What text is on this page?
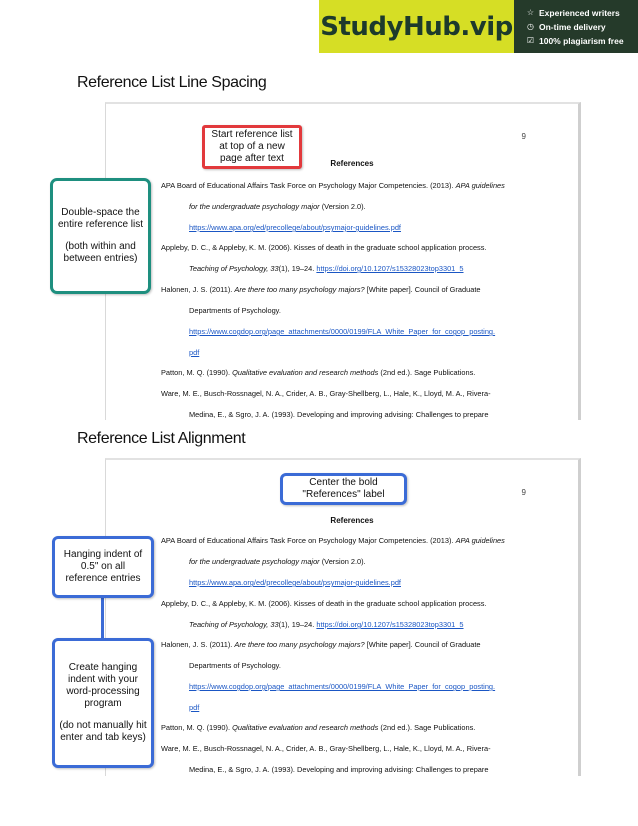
StudyHub.vip ☆ Experienced writers
◷ On-time delivery
☑ 100% plagiarism free
Reference List Line Spacing
9
References
APA Board of Educational Affairs Task Force on Psychology Major Competencies. (2013). APA guidelines
for the undergraduate psychology major (Version 2.0).
https://www.apa.org/ed/precollege/about/psymajor-guidelines.pdf
Appleby, D. C., & Appleby, K. M. (2006). Kisses of death in the graduate school application process.
Teaching of Psychology, 33(1), 19–24. https://doi.org/10.1207/s15328023top3301_5
Halonen, J. S. (2011). Are there too many psychology majors? [White paper]. Council of Graduate
Departments of Psychology.
https://www.cogdop.org/page_attachments/0000/0199/FLA_White_Paper_for_cogop_posting.
pdf
Patton, M. Q. (1990). Qualitative evaluation and research methods (2nd ed.). Sage Publications.
Ware, M. E., Busch-Rossnagel, N. A., Crider, A. B., Gray-Shellberg, L., Hale, K., Lloyd, M. A., Rivera-
Medina, E., & Sgro, J. A. (1993). Developing and improving advising: Challenges to prepare
Start reference list at top of a new page after text
Double-space the entire reference list
(both within and between entries)
Reference List Alignment
9
References
APA Board of Educational Affairs Task Force on Psychology Major Competencies. (2013). APA guidelines
for the undergraduate psychology major (Version 2.0).
https://www.apa.org/ed/precollege/about/psymajor-guidelines.pdf
Appleby, D. C., & Appleby, K. M. (2006). Kisses of death in the graduate school application process.
Teaching of Psychology, 33(1), 19–24. https://doi.org/10.1207/s15328023top3301_5
Halonen, J. S. (2011). Are there too many psychology majors? [White paper]. Council of Graduate
Departments of Psychology.
https://www.cogdop.org/page_attachments/0000/0199/FLA_White_Paper_for_cogop_posting.
pdf
Patton, M. Q. (1990). Qualitative evaluation and research methods (2nd ed.). Sage Publications.
Ware, M. E., Busch-Rossnagel, N. A., Crider, A. B., Gray-Shellberg, L., Hale, K., Lloyd, M. A., Rivera-
Medina, E., & Sgro, J. A. (1993). Developing and improving advising: Challenges to prepare
Center the bold "References" label
Hanging indent of 0.5" on all reference entries
Create hanging indent with your word-processing program
(do not manually hit enter and tab keys)
